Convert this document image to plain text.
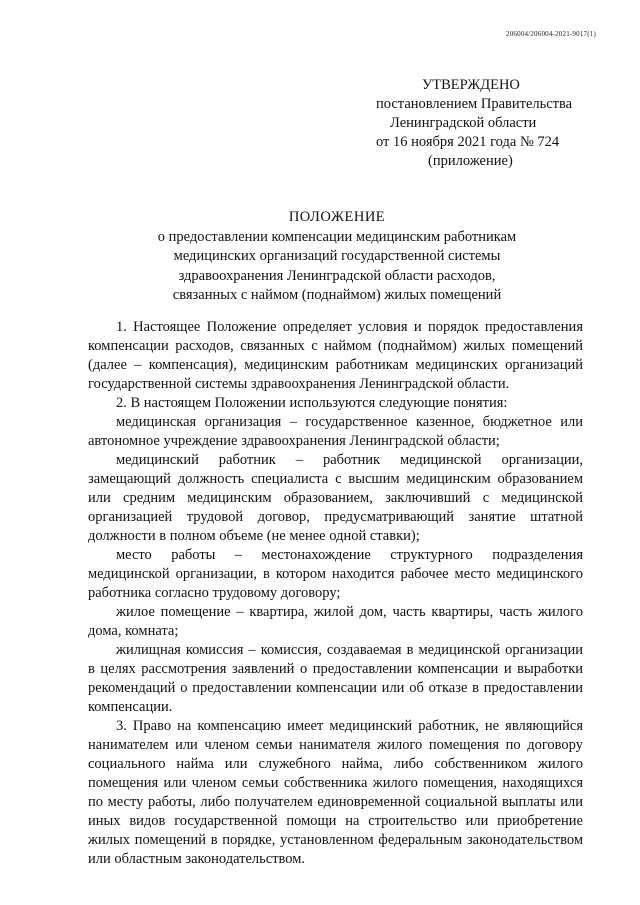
206004/206004-2021-9017(1)
УТВЕРЖДЕНО
постановлением Правительства
Ленинградской области
от 16 ноября 2021 года № 724
(приложение)
ПОЛОЖЕНИЕ
о предоставлении компенсации медицинским работникам
медицинских организаций государственной системы
здравоохранения Ленинградской области расходов,
связанных с наймом (поднаймом) жилых помещений

1. Настоящее Положение определяет условия и порядок предоставления компенсации расходов, связанных с наймом (поднаймом) жилых помещений (далее – компенсация), медицинским работникам медицинских организаций государственной системы здравоохранения Ленинградской области.

2. В настоящем Положении используются следующие понятия:

медицинская организация – государственное казенное, бюджетное или автономное учреждение здравоохранения Ленинградской области;

медицинский работник – работник медицинской организации, замещающий должность специалиста с высшим медицинским образованием или средним медицинским образованием, заключивший с медицинской организацией трудовой договор, предусматривающий занятие штатной должности в полном объеме (не менее одной ставки);

место работы – местонахождение структурного подразделения медицинской организации, в котором находится рабочее место медицинского работника согласно трудовому договору;

жилое помещение – квартира, жилой дом, часть квартиры, часть жилого дома, комната;

жилищная комиссия – комиссия, создаваемая в медицинской организации в целях рассмотрения заявлений о предоставлении компенсации и выработки рекомендаций о предоставлении компенсации или об отказе в предоставлении компенсации.

3. Право на компенсацию имеет медицинский работник, не являющийся нанимателем или членом семьи нанимателя жилого помещения по договору социального найма или служебного найма, либо собственником жилого помещения или членом семьи собственника жилого помещения, находящихся по месту работы, либо получателем единовременной социальной выплаты или иных видов государственной помощи на строительство или приобретение жилых помещений в порядке, установленном федеральным законодательством или областным законодательством.
